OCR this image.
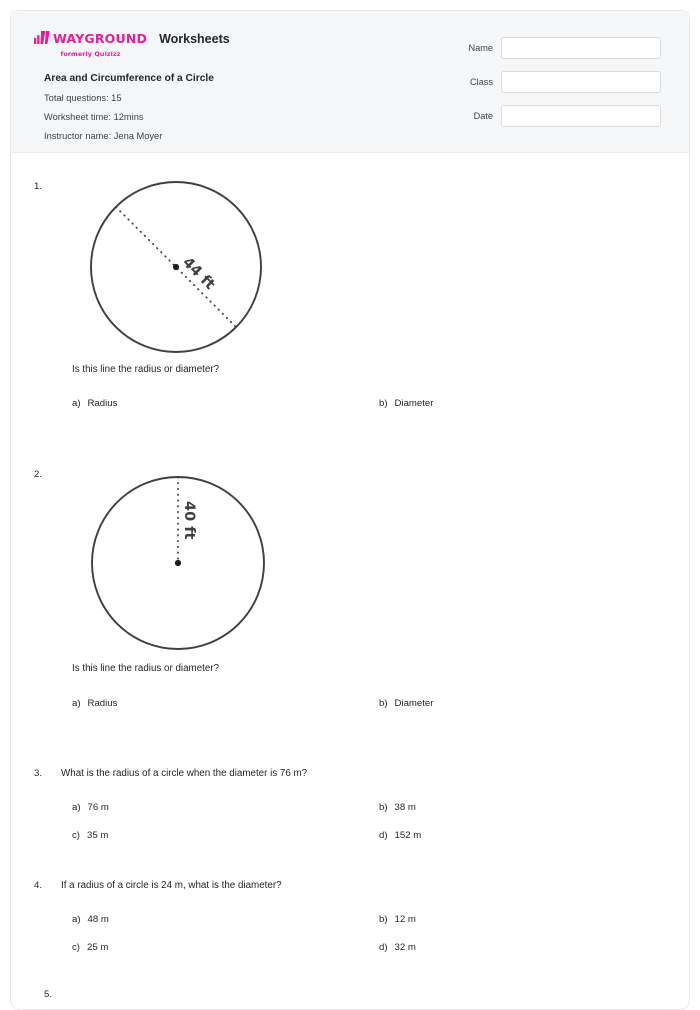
WAYGROUND
formerly Quizizz
Worksheets
Area and Circumference of a Circle
Total questions: 15
Worksheet time: 12mins
Instructor name: Jena Moyer
Name
Class
Date
1.
44 ft
Is this line the radius or diameter?
a) Radius	b) Diameter
2.
40 ft
Is this line the radius or diameter?
a) Radius	b) Diameter
3. What is the radius of a circle when the diameter is 76 m?
a) 76 m	b) 38 m
c) 35 m	d) 152 m
4. If a radius of a circle is 24 m, what is the diameter?
a) 48 m	b) 12 m
c) 25 m	d) 32 m
5.
